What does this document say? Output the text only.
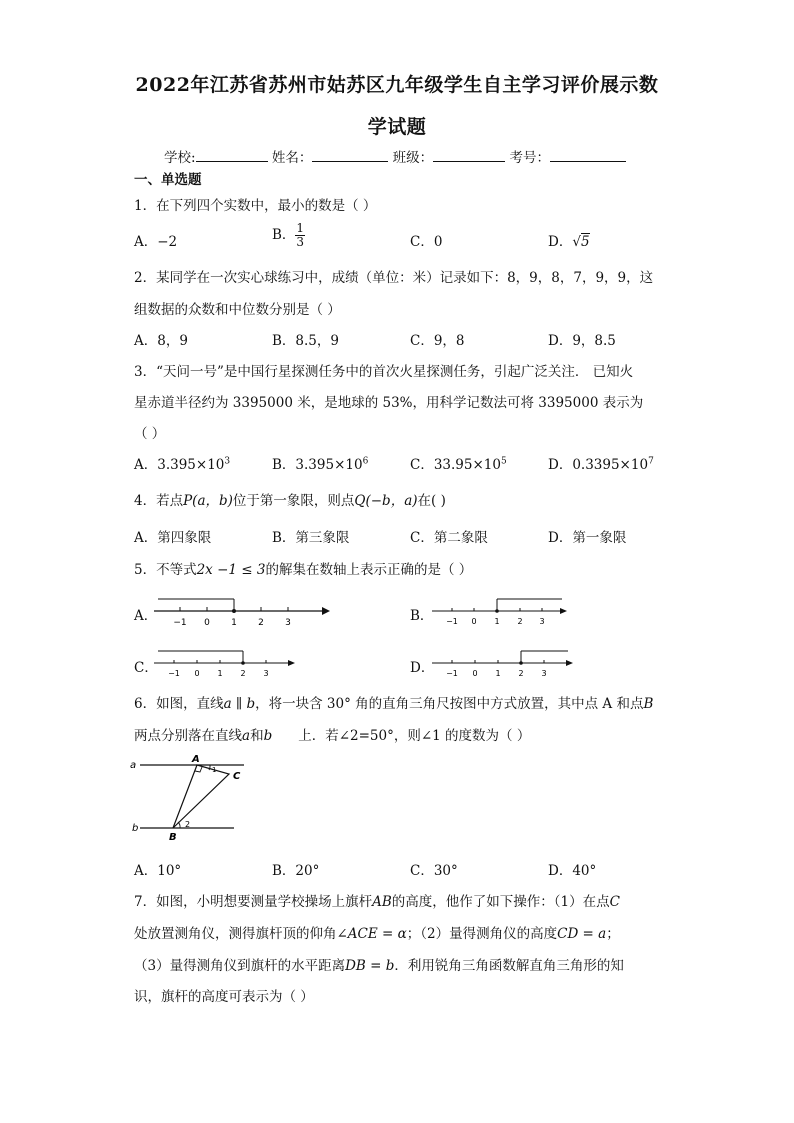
2022年江苏省苏州市姑苏区九年级学生自主学习评价展示数
学试题
学校:	姓名：	班级：	考号：
一、单选题
1．在下列四个实数中，最小的数是（ ）
A．−2	B． $\frac{1}{3}$	C．0	D．√5
2．某同学在一次实心球练习中，成绩（单位：米）记录如下：8，9，8，7，9，9，这
组数据的众数和中位数分别是（ ）
A．8，9	B．8.5，9	C．9，8	D．9，8.5
3．“天问一号”是中国行星探测任务中的首次火星探测任务，引起广泛关注． 已知火
星赤道半径约为 3395000 米，是地球的 53%，用科学记数法可将 3395000 表示为
（ ）
A．$3.395\times 10^3$	B．$3.395\times 10^6$	C．$33.95\times 10^5$	D．$0.3395\times 10^7$
4．若点P(a，b)位于第一象限，则点Q(−b，a)在( )
A．第四象限	B．第三象限	C．第二象限	D．第一象限
5．不等式2x −1 ≤ 3的解集在数轴上表示正确的是（ ）
A． −1 0 1 2 3	B． −1 0 1 2 3
C． −1 0 1 2 3	D． −1 0 1 2 3
6．如图，直线a ∥ b，将一块含 30° 角的直角三角尺按图中方式放置，其中点 A 和点B
两点分别落在直线a和b 上．若∠2=50°，则∠1 的度数为（ ）
a
b
A
C
B
1
2
A．10°	B．20°	C．30°	D．40°
7．如图，小明想要测量学校操场上旗杆AB的高度，他作了如下操作：（1）在点C
处放置测角仪，测得旗杆顶的仰角∠ACE = α；（2）量得测角仪的高度CD = a；
（3）量得测角仪到旗杆的水平距离DB = b．利用锐角三角函数解直角三角形的知
识，旗杆的高度可表示为（ ）
